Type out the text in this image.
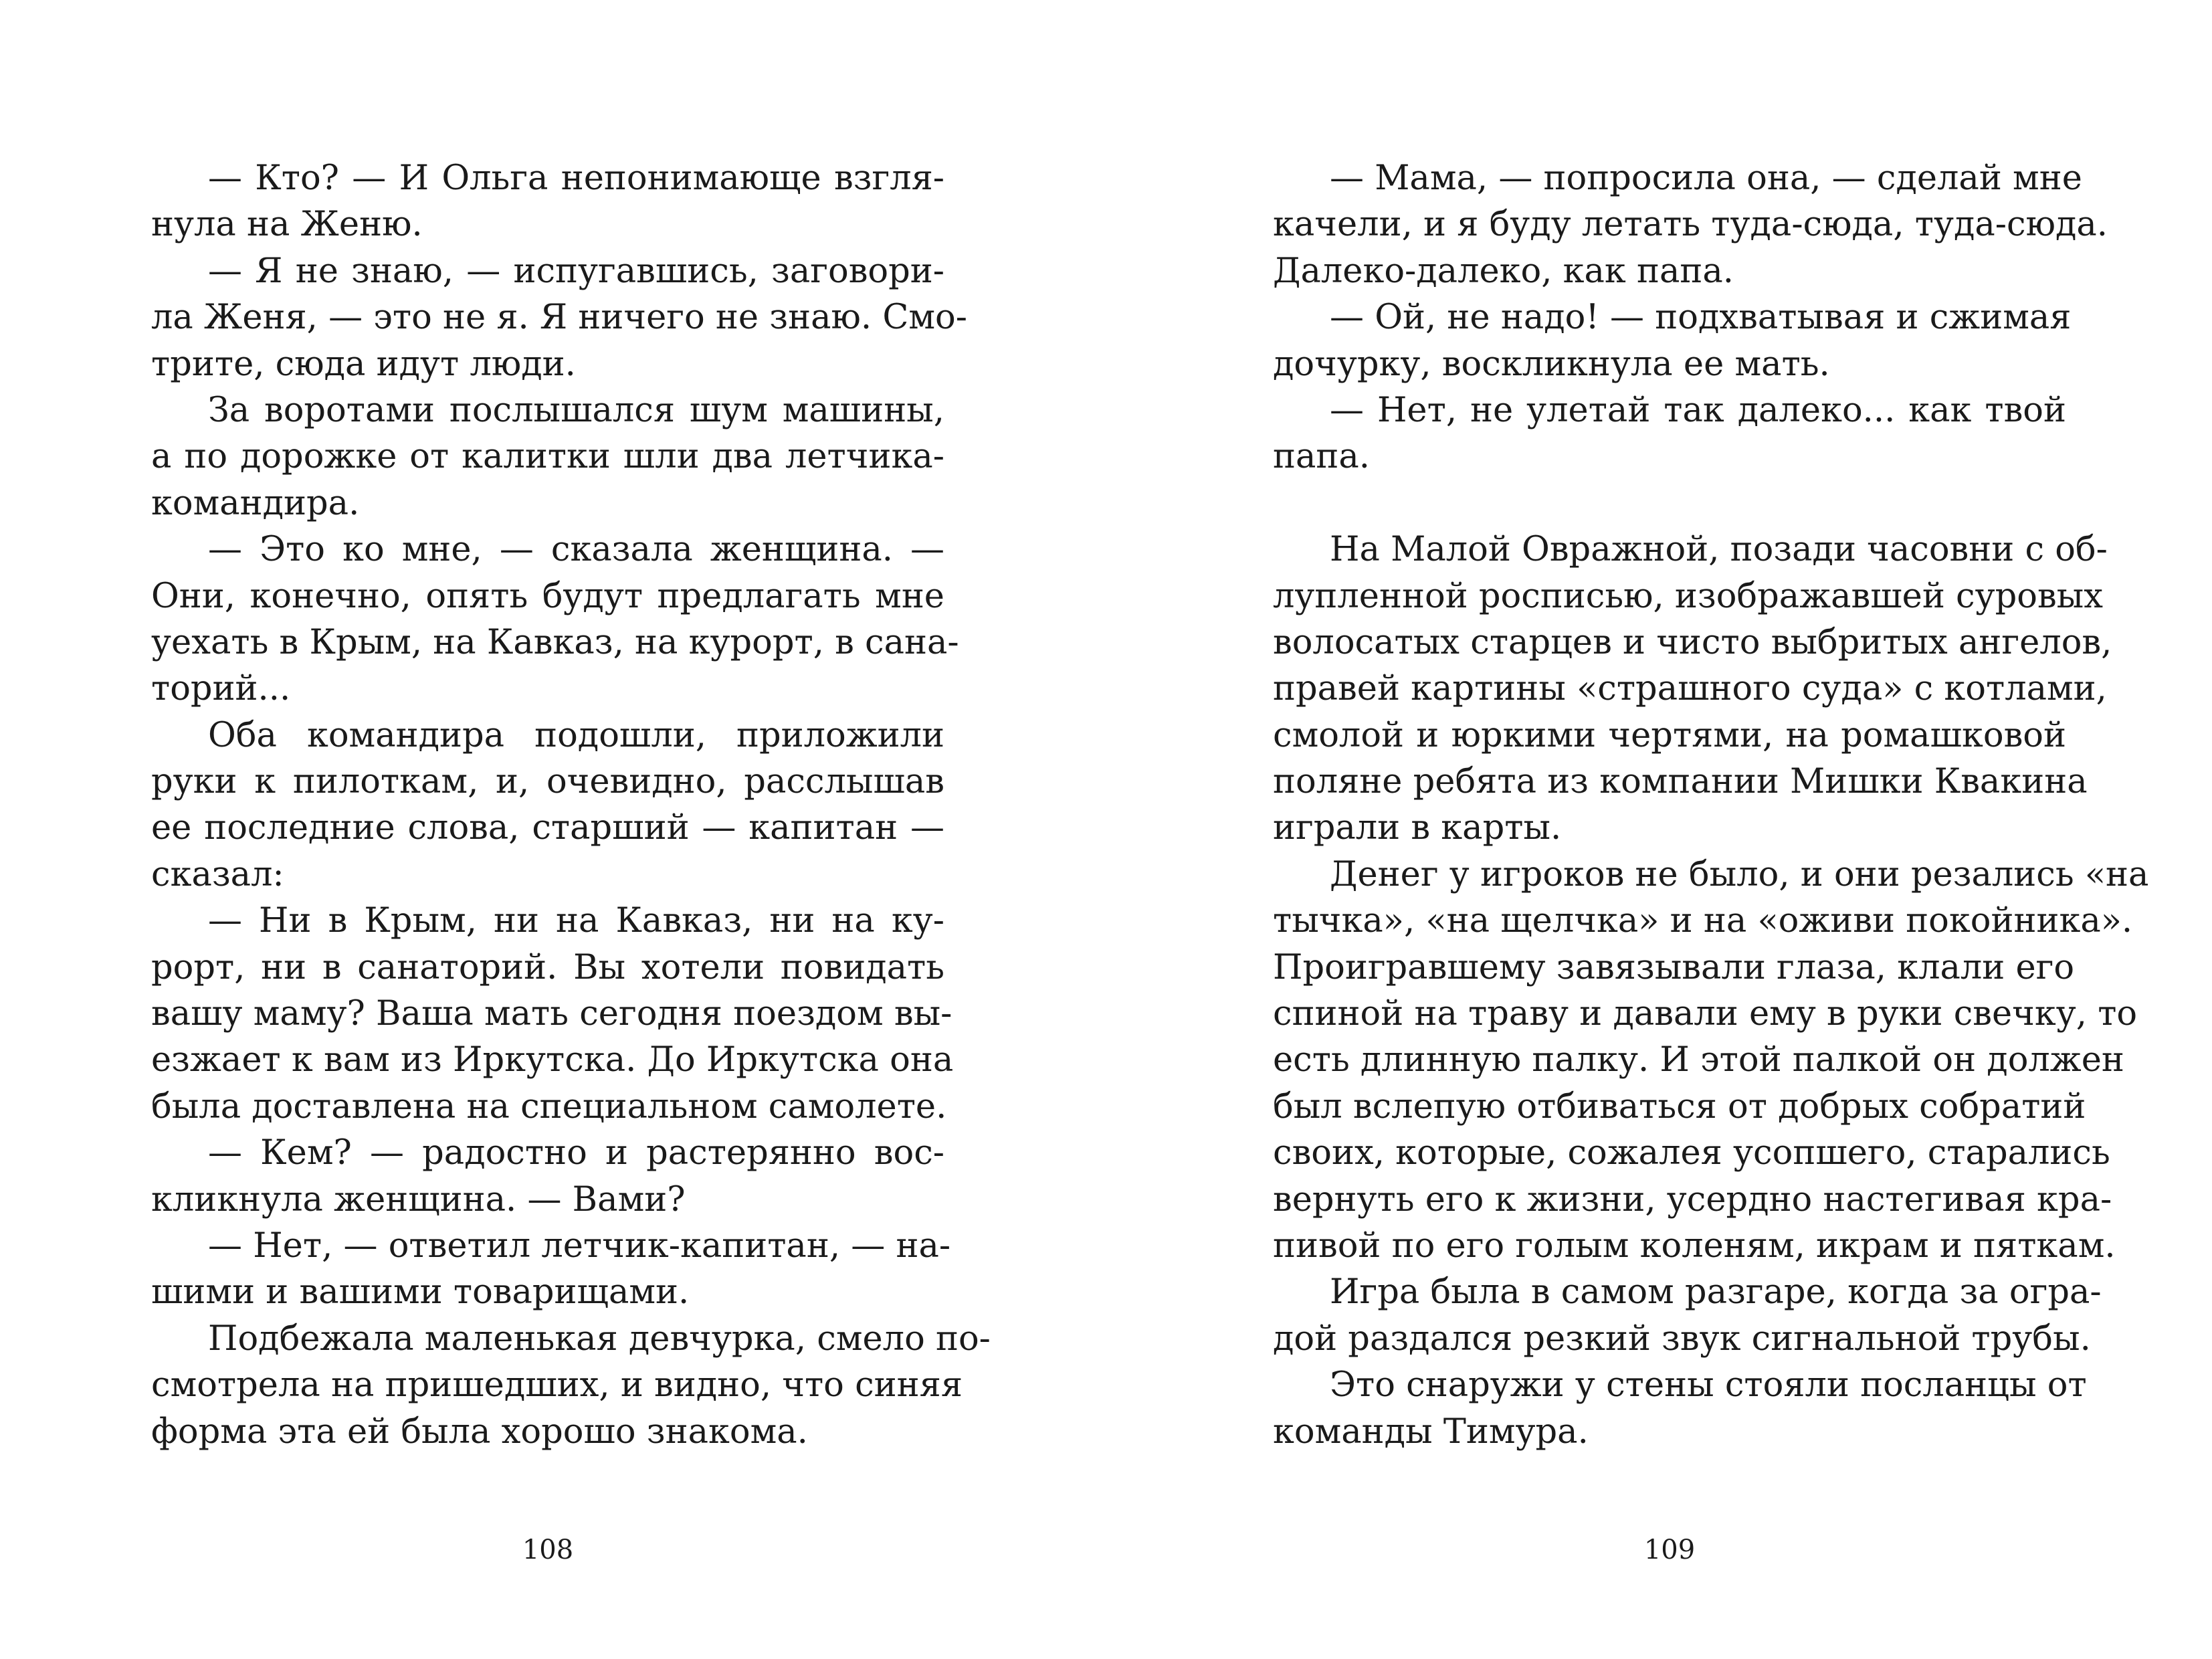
— Кто? — И Ольга непонимающе взгля-
нула на Женю.
— Я не знаю, — испугавшись, заговори-
ла Женя, — это не я. Я ничего не знаю. Смо-
трите, сюда идут люди.
За воротами послышался шум машины,
а по дорожке от калитки шли два летчика-
командира.
— Это ко мне, — сказала женщина. —
Они, конечно, опять будут предлагать мне
уехать в Крым, на Кавказ, на курорт, в сана-
торий...
Оба командира подошли, приложили
руки к пилоткам, и, очевидно, расслышав
ее последние слова, старший — капитан —
сказал:
— Ни в Крым, ни на Кавказ, ни на ку-
рорт, ни в санаторий. Вы хотели повидать
вашу маму? Ваша мать сегодня поездом вы-
езжает к вам из Иркутска. До Иркутска она
была доставлена на специальном самолете.
— Кем? — радостно и растерянно вос-
кликнула женщина. — Вами?
— Нет, — ответил летчик-капитан, — на-
шими и вашими товарищами.
Подбежала маленькая девчурка, смело по-
смотрела на пришедших, и видно, что синяя
форма эта ей была хорошо знакома.
— Мама, — попросила она, — сделай мне
качели, и я буду летать туда-сюда, туда-сюда.
Далеко-далеко, как папа.
— Ой, не надо! — подхватывая и сжимая
дочурку, воскликнула ее мать.
— Нет, не улетай так далеко... как твой
папа.
На Малой Овражной, позади часовни с об-
лупленной росписью, изображавшей суровых
волосатых старцев и чисто выбритых ангелов,
правей картины «страшного суда» с котлами,
смолой и юркими чертями, на ромашковой
поляне ребята из компании Мишки Квакина
играли в карты.
Денег у игроков не было, и они резались «на
тычка», «на щелчка» и на «оживи покойника».
Проигравшему завязывали глаза, клали его
спиной на траву и давали ему в руки свечку, то
есть длинную палку. И этой палкой он должен
был вслепую отбиваться от добрых собратий
своих, которые, сожалея усопшего, старались
вернуть его к жизни, усердно настегивая кра-
пивой по его голым коленям, икрам и пяткам.
Игра была в самом разгаре, когда за огра-
дой раздался резкий звук сигнальной трубы.
Это снаружи у стены стояли посланцы от
команды Тимура.
108	109
